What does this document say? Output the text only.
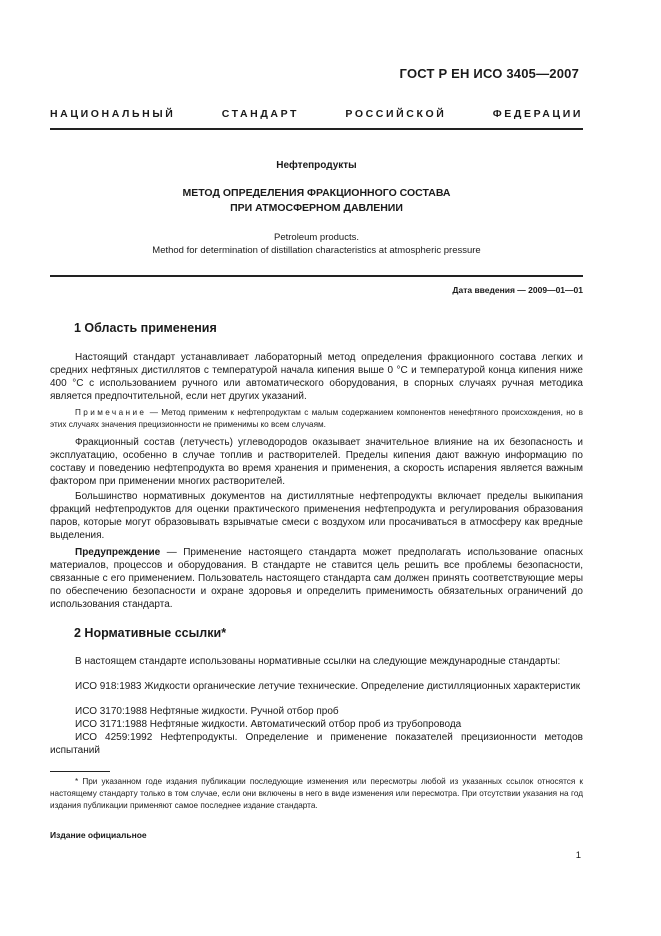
ГОСТ Р ЕН ИСО 3405—2007
НАЦИОНАЛЬНЫЙ СТАНДАРТ РОССИЙСКОЙ ФЕДЕРАЦИИ
Нефтепродукты
МЕТОД ОПРЕДЕЛЕНИЯ ФРАКЦИОННОГО СОСТАВА
ПРИ АТМОСФЕРНОМ ДАВЛЕНИИ
Petroleum products.
Method for determination of distillation characteristics at atmospheric pressure
Дата введения — 2009—01—01
1 Область применения

Настоящий стандарт устанавливает лабораторный метод определения фракционного состава легких и средних нефтяных дистиллятов с температурой начала кипения выше 0 °С и температурой конца кипения ниже 400 °С с использованием ручного или автоматического оборудования, в спорных случаях ручная методика является предпочтительной, если нет других указаний.

Примечание — Метод применим к нефтепродуктам с малым содержанием компонентов ненефтяного происхождения, но в этих случаях значения прецизионности не применимы ко всем случаям.

Фракционный состав (летучесть) углеводородов оказывает значительное влияние на их безопасность и эксплуатацию, особенно в случае топлив и растворителей. Пределы кипения дают важную информацию по составу и поведению нефтепродукта во время хранения и применения, а скорость испарения является важным фактором при применении многих растворителей.

Большинство нормативных документов на дистиллятные нефтепродукты включает пределы выкипания фракций нефтепродуктов для оценки практического применения нефтепродукта и регулирования образования паров, которые могут образовывать взрывчатые смеси с воздухом или просачиваться в атмосферу как вредные выделения.

Предупреждение — Применение настоящего стандарта может предполагать использование опасных материалов, процессов и оборудования. В стандарте не ставится цель решить все проблемы безопасности, связанные с его применением. Пользователь настоящего стандарта сам должен принять соответствующие меры по обеспечению безопасности и охране здоровья и определить применимость обязательных ограничений до использования стандарта.

2 Нормативные ссылки*

В настоящем стандарте использованы нормативные ссылки на следующие международные стандарты:

ИСО 918:1983 Жидкости органические летучие технические. Определение дистилляционных характеристик

ИСО 3170:1988 Нефтяные жидкости. Ручной отбор проб

ИСО 3171:1988 Нефтяные жидкости. Автоматический отбор проб из трубопровода

ИСО 4259:1992 Нефтепродукты. Определение и применение показателей прецизионности методов испытаний

* При указанном годе издания публикации последующие изменения или пересмотры любой из указанных ссылок относятся к настоящему стандарту только в том случае, если они включены в него в виде изменения или пересмотра. При отсутствии указания на год издания публикации применяют самое последнее издание стандарта.

Издание официальное
1
